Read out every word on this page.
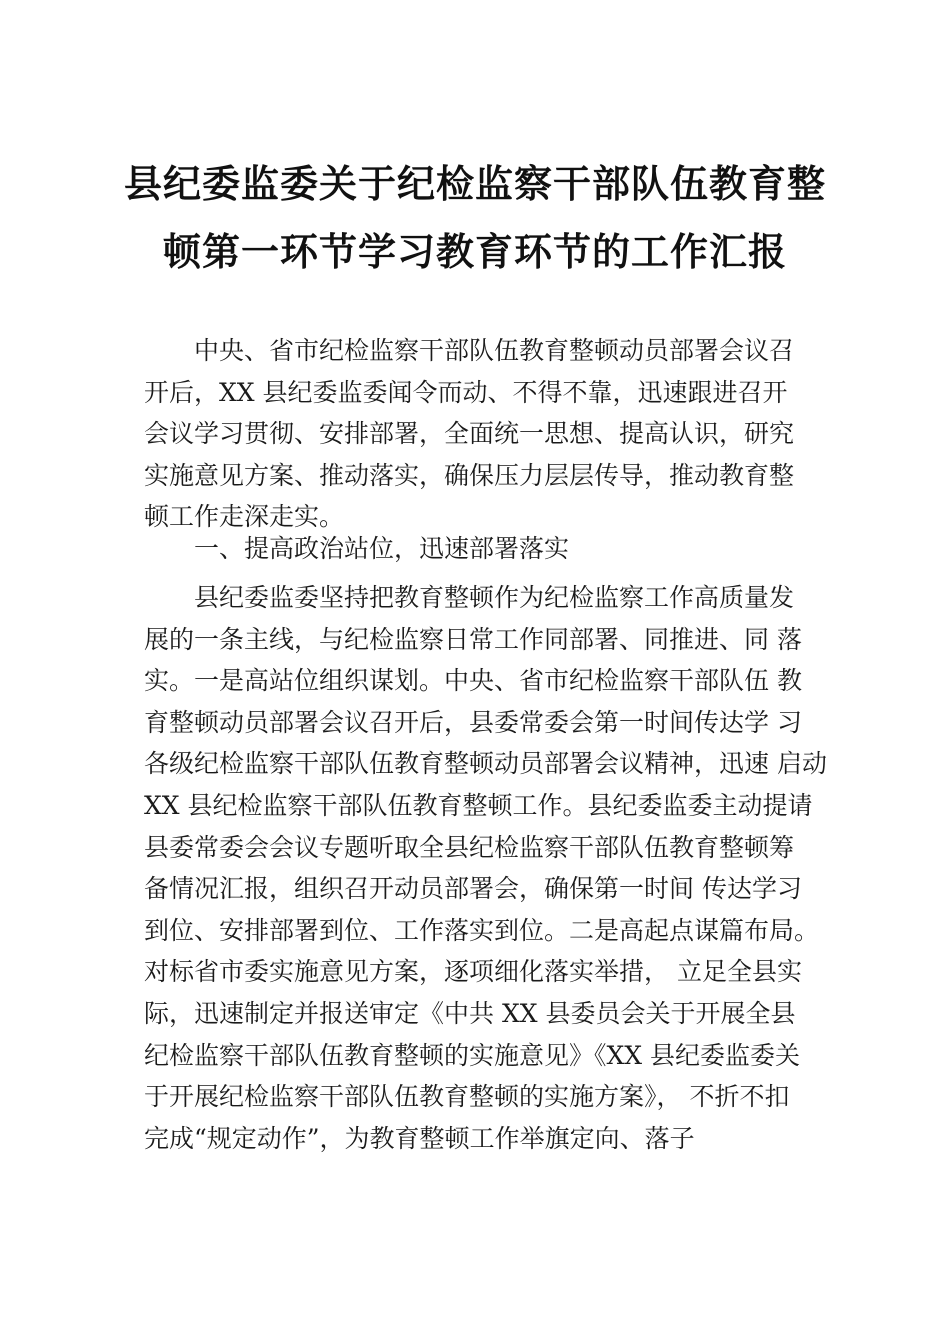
县纪委监委关于纪检监察干部队伍教育整
顿第一环节学习教育环节的工作汇报
　　中央、省市纪检监察干部队伍教育整顿动员部署会议召
开后，XX 县纪委监委闻令而动、不得不靠，迅速跟进召开
会议学习贯彻、安排部署，全面统一思想、提高认识，研究
实施意见方案、推动落实，确保压力层层传导，推动教育整
顿工作走深走实。
　　一、提高政治站位，迅速部署落实
　　县纪委监委坚持把教育整顿作为纪检监察工作高质量发
展的一条主线，与纪检监察日常工作同部署、同推进、同 落
实。一是高站位组织谋划。中央、省市纪检监察干部队伍 教
育整顿动员部署会议召开后，县委常委会第一时间传达学 习
各级纪检监察干部队伍教育整顿动员部署会议精神，迅速 启动
XX 县纪检监察干部队伍教育整顿工作。县纪委监委主动提请
县委常委会会议专题听取全县纪检监察干部队伍教育整顿筹
备情况汇报，组织召开动员部署会，确保第一时间 传达学习
到位、安排部署到位、工作落实到位。二是高起点谋篇布局。
对标省市委实施意见方案，逐项细化落实举措， 立足全县实
际，迅速制定并报送审定《中共 XX 县委员会关于开展全县
纪检监察干部队伍教育整顿的实施意见》《XX 县纪委监委关
于开展纪检监察干部队伍教育整顿的实施方案》， 不折不扣
完成“规定动作”，为教育整顿工作举旗定向、落子
